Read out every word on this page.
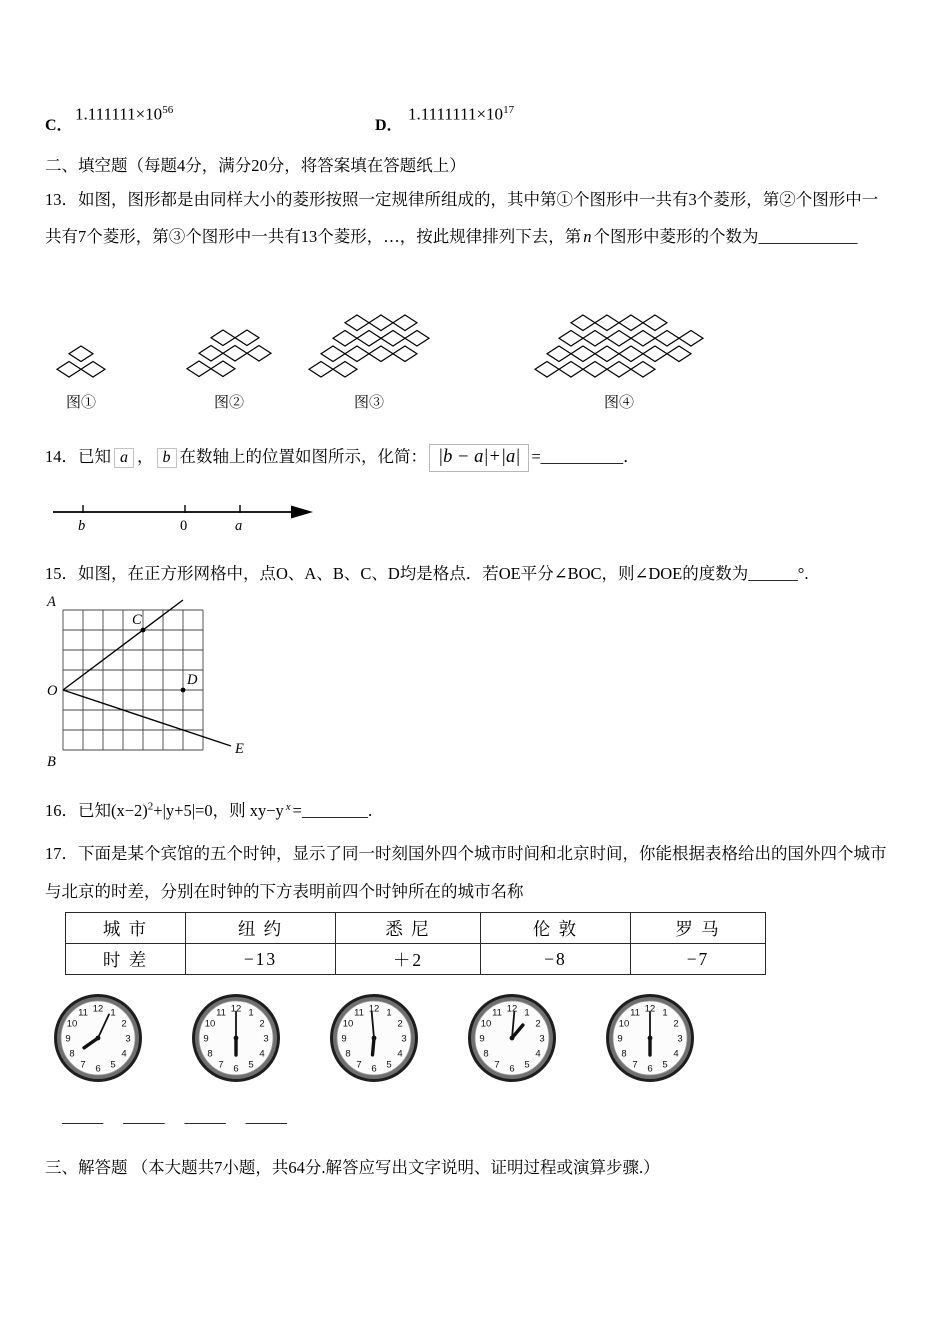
C．
$1.111111\times 10^{56}$
D．
$1.1111111\times 10^{17}$
二、填空题（每题4分，满分20分，将答案填在答题纸上）
13．如图，图形都是由同样大小的菱形按照一定规律所组成的，其中第①个图形中一共有3个菱形，第②个图形中一
共有7个菱形，第③个图形中一共有13个菱形，…，按此规律排列下去，第 n 个图形中菱形的个数为____________
图①	图②	图③	图④
14．已知 a ， b 在数轴上的位置如图所示，化简： |b − a|+|a| =__________．
b	0	a
15．如图，在正方形网格中，点O、A、B、C、D均是格点．若OE平分∠BOC，则∠DOE的度数为______°.
A
B
O
C
D
E
16．已知$(x-2)^2+|y+5|=0$，则 xy−y $^x$ =________.
17．下面是某个宾馆的五个时钟，显示了同一时刻国外四个城市时间和北京时间，你能根据表格给出的国外四个城市
与北京的时差，分别在时钟的下方表明前四个时钟所在的城市名称
城 市	纽 约	悉 尼	伦 敦	罗 马
时 差	−13	＋2	−8	−7
1
2
3
4
5
6
7
8
9
10
11 12	1
2
3
4
5
6
7
8
9
10
11 12	1
2
3
4
5
6
7
8
9
10
11 12	1
2
3
4
5
6
7
8
9
10
11 12	1
2
3
4
5
6
7
8
9
10
11 12
_____ _____ _____ _____
三、解答题 （本大题共7小题，共64分.解答应写出文字说明、证明过程或演算步骤.）
